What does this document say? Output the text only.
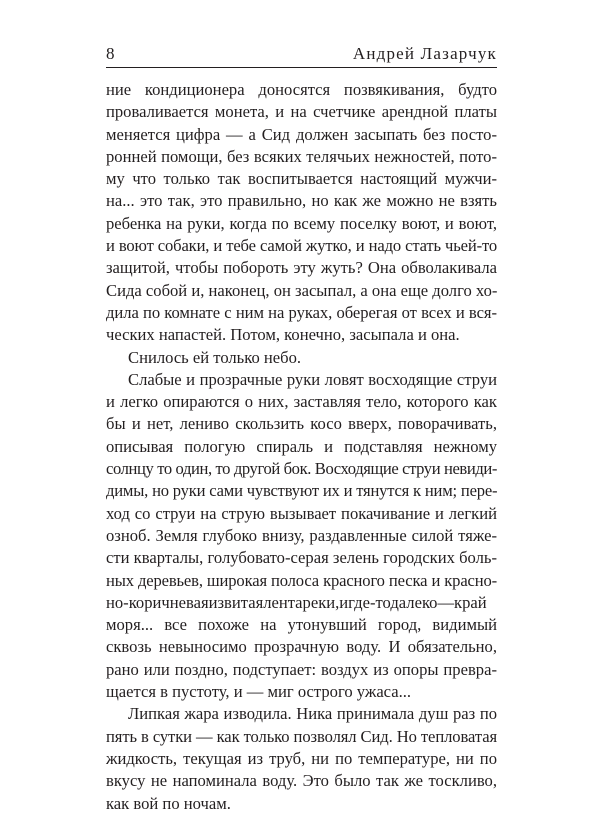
8	Андрей Лазарчук
ние кондиционера доносятся позвякивания, будто
проваливается монета, и на счетчике арендной платы
меняется цифра — а Сид должен засыпать без посто-
ронней помощи, без всяких телячьих нежностей, пото-
му что только так воспитывается настоящий мужчи-
на... это так, это правильно, но как же можно не взять
ребенка на руки, когда по всему поселку воют, и воют,
и воют собаки, и тебе самой жутко, и надо стать чьей-то
защитой, чтобы побороть эту жуть? Она обволакивала
Сида собой и, наконец, он засыпал, а она еще долго хо-
дила по комнате с ним на руках, оберегая от всех и вся-
ческих напастей. Потом, конечно, засыпала и она.
Снилось ей только небо.
Слабые и прозрачные руки ловят восходящие струи
и легко опираются о них, заставляя тело, которого как
бы и нет, лениво скользить косо вверх, поворачивать,
описывая пологую спираль и подставляя нежному
солнцу то один, то другой бок. Восходящие струи невиди-
димы, но руки сами чувствуют их и тянутся к ним; пере-
ход со струи на струю вызывает покачивание и легкий
озноб. Земля глубоко внизу, раздавленные силой тяже-
сти кварталы, голубовато-серая зелень городских боль-
ных деревьев, широкая полоса красного песка и красно-
но-коричневаяизвитаялентареки,игде-тодалеко—край
моря... все похоже на утонувший город, видимый
сквозь невыносимо прозрачную воду. И обязательно,
рано или поздно, подступает: воздух из опоры превра-
щается в пустоту, и — миг острого ужаса...
Липкая жара изводила. Ника принимала душ раз по
пять в сутки — как только позволял Сид. Но тепловатая
жидкость, текущая из труб, ни по температуре, ни по
вкусу не напоминала воду. Это было так же тоскливо,
как вой по ночам.
